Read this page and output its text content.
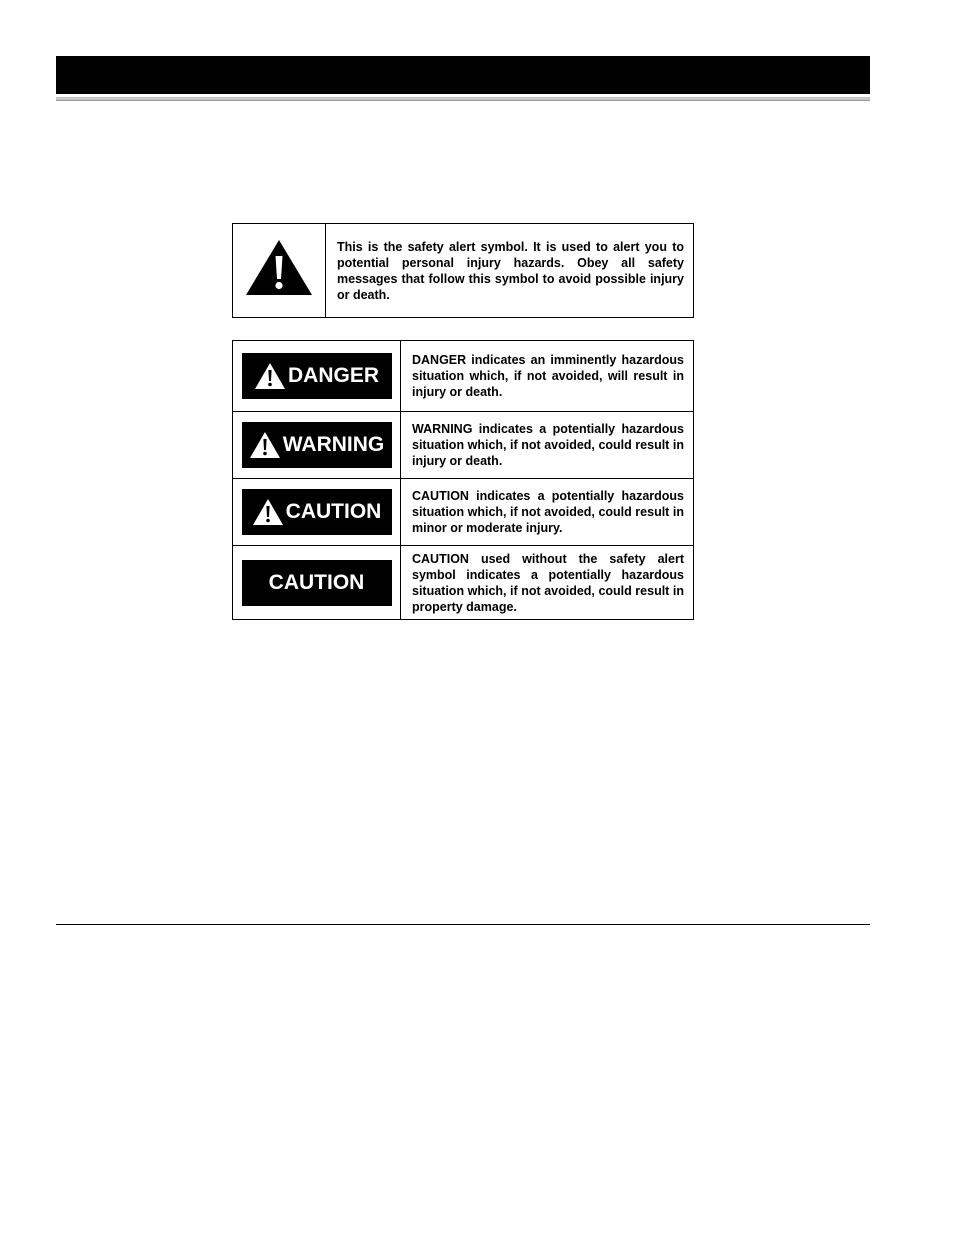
This is the safety alert symbol. It is used to alert you to potential personal injury hazards. Obey all safety messages that follow this symbol to avoid possible injury or death.
DANGER
DANGER indicates an imminently hazardous situation which, if not avoided, will result in injury or death.
WARNING
WARNING indicates a potentially hazardous situation which, if not avoided, could result in injury or death.
CAUTION
CAUTION indicates a potentially hazardous situation which, if not avoided, could result in minor or moderate injury.
CAUTION
CAUTION used without the safety alert symbol indicates a potentially hazardous situation which, if not avoided, could result in property damage.
